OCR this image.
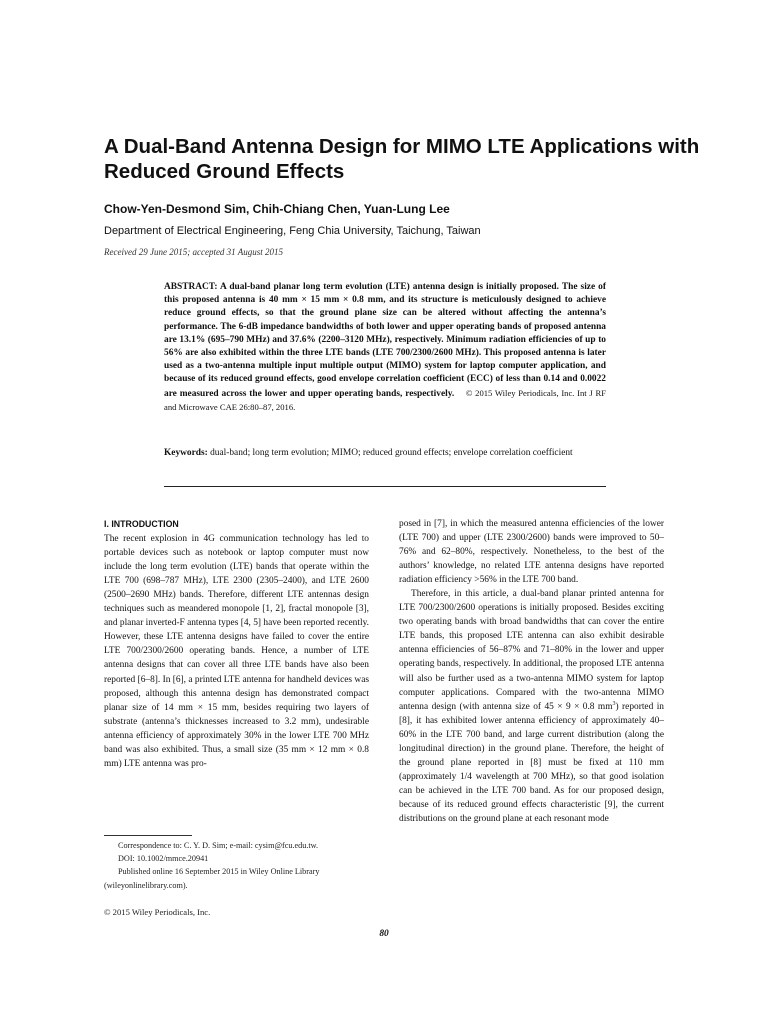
A Dual-Band Antenna Design for MIMO LTE Applications with Reduced Ground Effects
Chow-Yen-Desmond Sim, Chih-Chiang Chen, Yuan-Lung Lee
Department of Electrical Engineering, Feng Chia University, Taichung, Taiwan
Received 29 June 2015; accepted 31 August 2015
ABSTRACT: A dual-band planar long term evolution (LTE) antenna design is initially proposed. The size of this proposed antenna is 40 mm × 15 mm × 0.8 mm, and its structure is meticulously designed to achieve reduce ground effects, so that the ground plane size can be altered without affecting the antenna’s performance. The 6-dB impedance bandwidths of both lower and upper operating bands of proposed antenna are 13.1% (695–790 MHz) and 37.6% (2200–3120 MHz), respectively. Minimum radiation efficiencies of up to 56% are also exhibited within the three LTE bands (LTE 700/2300/2600 MHz). This proposed antenna is later used as a two-antenna multiple input multiple output (MIMO) system for laptop computer application, and because of its reduced ground effects, good envelope correlation coefficient (ECC) of less than 0.14 and 0.0022 are measured across the lower and upper operating bands, respectively. © 2015 Wiley Periodicals, Inc. Int J RF and Microwave CAE 26:80–87, 2016.
Keywords: dual-band; long term evolution; MIMO; reduced ground effects; envelope correlation coefficient
I. INTRODUCTION

The recent explosion in 4G communication technology has led to portable devices such as notebook or laptop computer must now include the long term evolution (LTE) bands that operate within the LTE 700 (698–787 MHz), LTE 2300 (2305–2400), and LTE 2600 (2500–2690 MHz) bands. Therefore, different LTE antennas design techniques such as meandered monopole [1, 2], fractal monopole [3], and planar inverted-F antenna types [4, 5] have been reported recently. However, these LTE antenna designs have failed to cover the entire LTE 700/2300/2600 operating bands. Hence, a number of LTE antenna designs that can cover all three LTE bands have also been reported [6–8]. In [6], a printed LTE antenna for handheld devices was proposed, although this antenna design has demonstrated compact planar size of 14 mm × 15 mm, besides requiring two layers of substrate (antenna’s thicknesses increased to 3.2 mm), undesirable antenna efficiency of approximately 30% in the lower LTE 700 MHz band was also exhibited. Thus, a small size (35 mm × 12 mm × 0.8 mm) LTE antenna was pro-

posed in [7], in which the measured antenna efficiencies of the lower (LTE 700) and upper (LTE 2300/2600) bands were improved to 50–76% and 62–80%, respectively. Nonetheless, to the best of the authors’ knowledge, no related LTE antenna designs have reported radiation efficiency >56% in the LTE 700 band.

Therefore, in this article, a dual-band planar printed antenna for LTE 700/2300/2600 operations is initially proposed. Besides exciting two operating bands with broad bandwidths that can cover the entire LTE bands, this proposed LTE antenna can also exhibit desirable antenna efficiencies of 56–87% and 71–80% in the lower and upper operating bands, respectively. In additional, the proposed LTE antenna will also be further used as a two-antenna MIMO system for laptop computer applications. Compared with the two-antenna MIMO antenna design (with antenna size of 45 × 9 × 0.8 $mm^3$) reported in [8], it has exhibited lower antenna efficiency of approximately 40–60% in the LTE 700 band, and large current distribution (along the longitudinal direction) in the ground plane. Therefore, the height of the ground plane reported in [8] must be fixed at 110 mm (approximately 1/4 wavelength at 700 MHz), so that good isolation can be achieved in the LTE 700 band. As for our proposed design, because of its reduced ground effects characteristic [9], the current distributions on the ground plane at each resonant mode

Correspondence to: C. Y. D. Sim; e-mail: cysim@fcu.edu.tw.
DOI: 10.1002/mmce.20941
Published online 16 September 2015 in Wiley Online Library
(wileyonlinelibrary.com).
© 2015 Wiley Periodicals, Inc.
80
